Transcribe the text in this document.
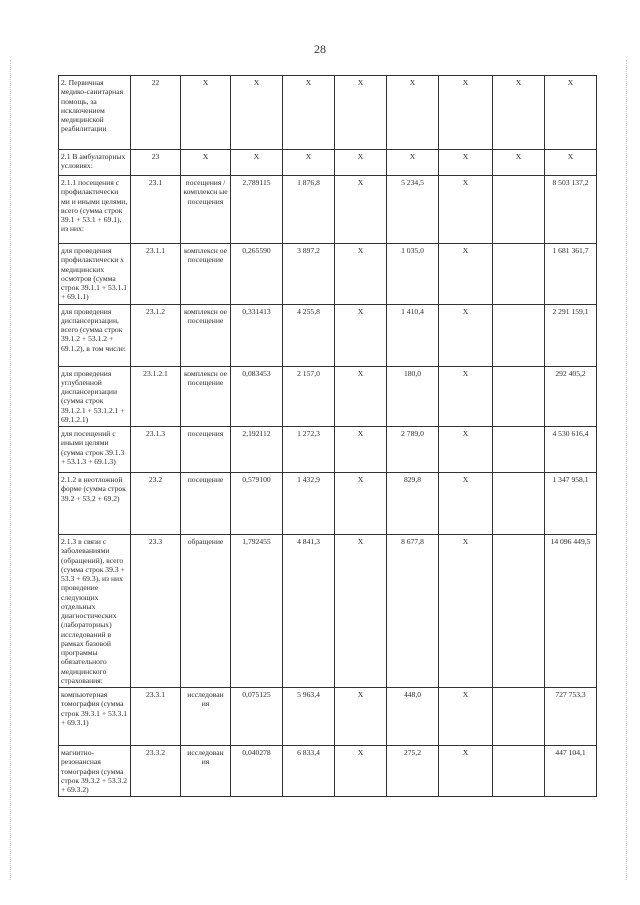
28
2. Первичная медико-санитарная помощь, за исключением медицинской реабилитации	22	X	X	X	X	X	X	X	X	
2.1 В амбулаторных условиях:	23	X	X	X	X	X	X	X	X	
2.1.1 посещения с профилактически ми и иными целями, всего (сумма строк 39.1 + 53.1 + 69.1), из них:	23.1	посещения /комплексн ые посещения	2,789115	1 876,8	X	5 234,5	X		8 503 137,2	
для проведения профилактически х медицинских осмотров (сумма строк 39.1.1 + 53.1.1 + 69.1.1)	23.1.1	комплексн ое посещение	0,265590	3 897,2	X	1 035,0	X		1 681 361,7	
для проведения диспансеризации, всего (сумма строк 39.1.2 + 53.1.2 + 69.1.2), в том числе:	23.1.2	комплексн ое посещение	0,331413	4 255,8	X	1 410,4	X		2 291 159,1	
для проведения углубленной диспансеризации (сумма строк 39.1.2.1 + 53.1.2.1 + 69.1.2.1)	23.1.2.1	комплексн ое посещение	0,083453	2 157,0	X	180,0	X		292 405,2	
для посещений с иными целями (сумма строк 39.1.3 + 53.1.3 + 69.1.3)	23.1.3	посещения	2,192112	1 272,3	X	2 789,0	X		4 530 616,4	
2.1.2 в неотложной форме (сумма строк 39.2 + 53.2 + 69.2)	23.2	посещение	0,579100	1 432,9	X	829,8	X		1 347 958,1	
2.1.3 в связи с заболеваниями (обращений), всего (сумма строк 39.3 + 53.3 + 69.3), из них проведение следующих отдельных диагностических (лабораторных) исследований в рамках базовой программы обязательного медицинского страхования:	23.3	обращение	1,792455	4 841,3	X	8 677,8	X		14 096 449,5	
компьютерная томография (сумма строк 39.3.1 + 53.3.1 + 69.3.1)	23.3.1	исследован ия	0,075125	5 963,4	X	448,0	X		727 753,3	
магнитно-резонансная томография (сумма строк 39.3.2 + 53.3.2 + 69.3.2)	23.3.2	исследован ия	0,040278	6 833,4	X	275,2	X		447 104,1	
